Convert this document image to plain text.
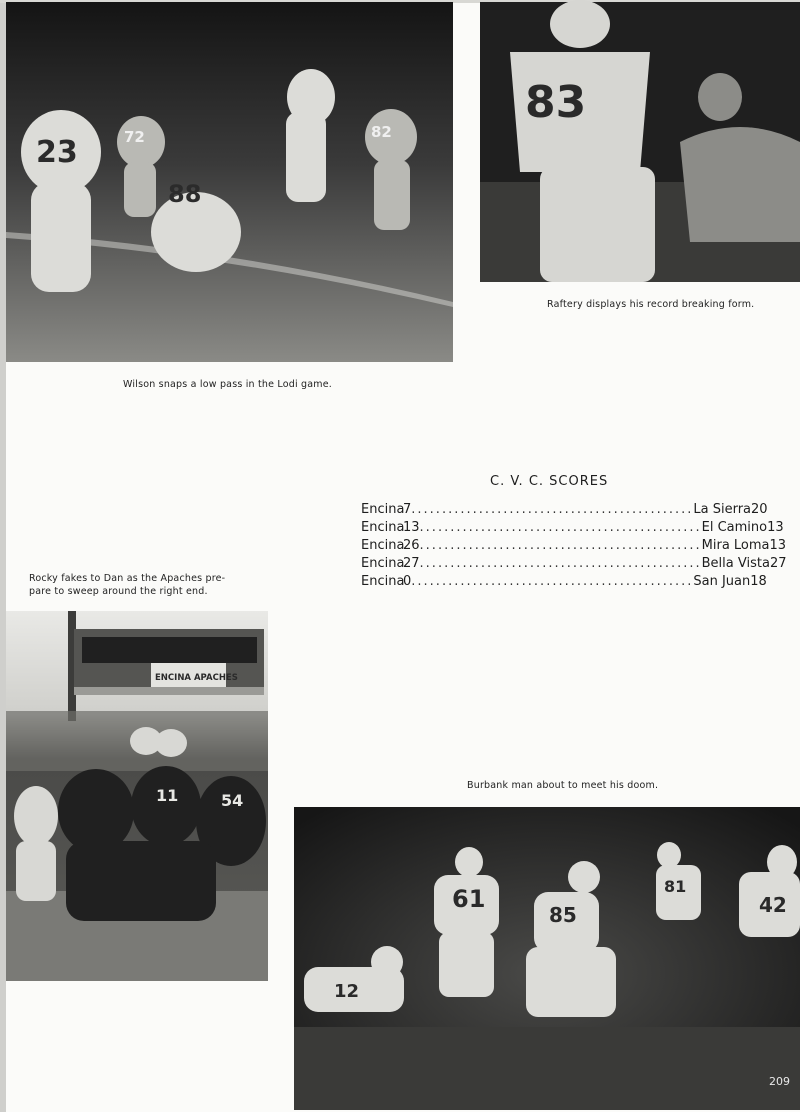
23
88
72	82
83
Raftery displays his record breaking form.
Wilson snaps a low pass in the Lodi game.
C. V. C. SCORES
Encina
7 .............................................. La Sierra 20
Encina
13 .............................................. El Camino 13
Encina
26 .............................................. Mira Loma 13
Encina
27 .............................................. Bella Vista 27
Encina
0 .............................................. San Juan 18
Rocky fakes to Dan as the Apaches pre-
pare to sweep around the right end.
ENCINA APACHES
11	54
Burbank man about to meet his doom.
61
85
12
81
42
209
